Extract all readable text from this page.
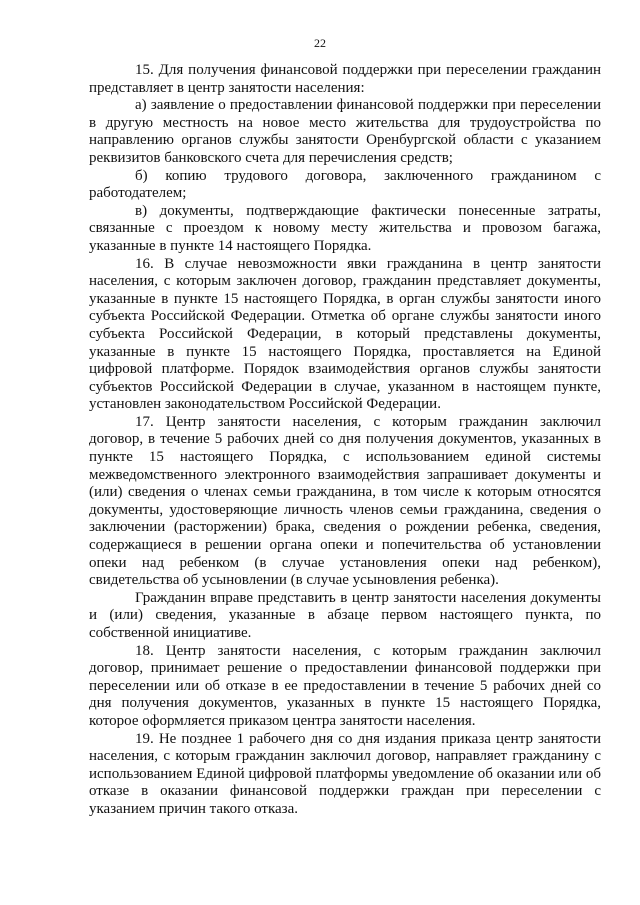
22

15. Для получения финансовой поддержки при переселении гражданин представляет в центр занятости населения:

а) заявление о предоставлении финансовой поддержки при переселении в другую местность на новое место жительства для трудоустройства по направлению органов службы занятости Оренбургской области с указанием реквизитов банковского счета для перечисления средств;

б) копию трудового договора, заключенного гражданином с работодателем;

в) документы, подтверждающие фактически понесенные затраты, связанные с проездом к новому месту жительства и провозом багажа, указанные в пункте 14 настоящего Порядка.

16. В случае невозможности явки гражданина в центр занятости населения, с которым заключен договор, гражданин представляет документы, указанные в пункте 15 настоящего Порядка, в орган службы занятости иного субъекта Российской Федерации. Отметка об органе службы занятости иного субъекта Российской Федерации, в который представлены документы, указанные в пункте 15 настоящего Порядка, проставляется на Единой цифровой платформе. Порядок взаимодействия органов службы занятости субъектов Российской Федерации в случае, указанном в настоящем пункте, установлен законодательством Российской Федерации.

17. Центр занятости населения, с которым гражданин заключил договор, в течение 5 рабочих дней со дня получения документов, указанных в пункте 15 настоящего Порядка, с использованием единой системы межведомственного электронного взаимодействия запрашивает документы и (или) сведения о членах семьи гражданина, в том числе к которым относятся документы, удостоверяющие личность членов семьи гражданина, сведения о заключении (расторжении) брака, сведения о рождении ребенка, сведения, содержащиеся в решении органа опеки и попечительства об установлении опеки над ребенком (в случае установления опеки над ребенком), свидетельства об усыновлении (в случае усыновления ребенка).

Гражданин вправе представить в центр занятости населения документы и (или) сведения, указанные в абзаце первом настоящего пункта, по собственной инициативе.

18. Центр занятости населения, с которым гражданин заключил договор, принимает решение о предоставлении финансовой поддержки при переселении или об отказе в ее предоставлении в течение 5 рабочих дней со дня получения документов, указанных в пункте 15 настоящего Порядка, которое оформляется приказом центра занятости населения.

19. Не позднее 1 рабочего дня со дня издания приказа центр занятости населения, с которым гражданин заключил договор, направляет гражданину с использованием Единой цифровой платформы уведомление об оказании или об отказе в оказании финансовой поддержки граждан при переселении с указанием причин такого отказа.
